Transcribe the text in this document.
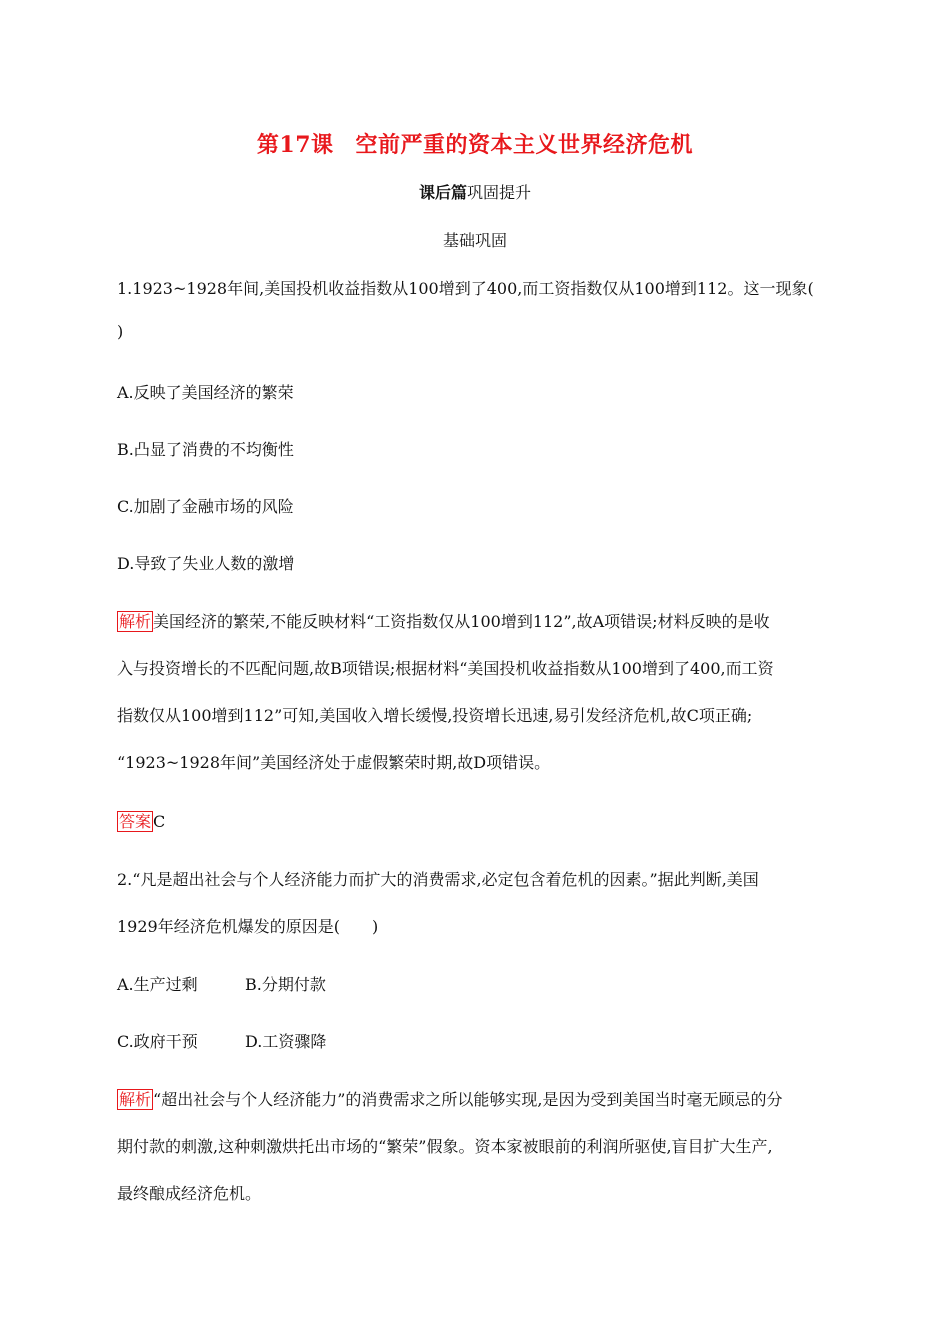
第17课 空前严重的资本主义世界经济危机
课后篇巩固提升
基础巩固
1.1923~1928年间,美国投机收益指数从100增到了400,而工资指数仅从100增到112。这一现象(
)
A.反映了美国经济的繁荣
B.凸显了消费的不均衡性
C.加剧了金融市场的风险
D.导致了失业人数的激增
解析 美国经济的繁荣,不能反映材料“工资指数仅从100增到112”,故A项错误;材料反映的是收
入与投资增长的不匹配问题,故B项错误;根据材料“美国投机收益指数从100增到了400,而工资
指数仅从100增到112”可知,美国收入增长缓慢,投资增长迅速,易引发经济危机,故C项正确;
“1923~1928年间”美国经济处于虚假繁荣时期,故D项错误。
答案 C
2.“凡是超出社会与个人经济能力而扩大的消费需求,必定包含着危机的因素。”据此判断,美国
1929年经济危机爆发的原因是(　　)
A.生产过剩	B.分期付款
C.政府干预	D.工资骤降
解析 “超出社会与个人经济能力”的消费需求之所以能够实现,是因为受到美国当时毫无顾忌的分
期付款的刺激,这种刺激烘托出市场的“繁荣”假象。资本家被眼前的利润所驱使,盲目扩大生产,
最终酿成经济危机。
